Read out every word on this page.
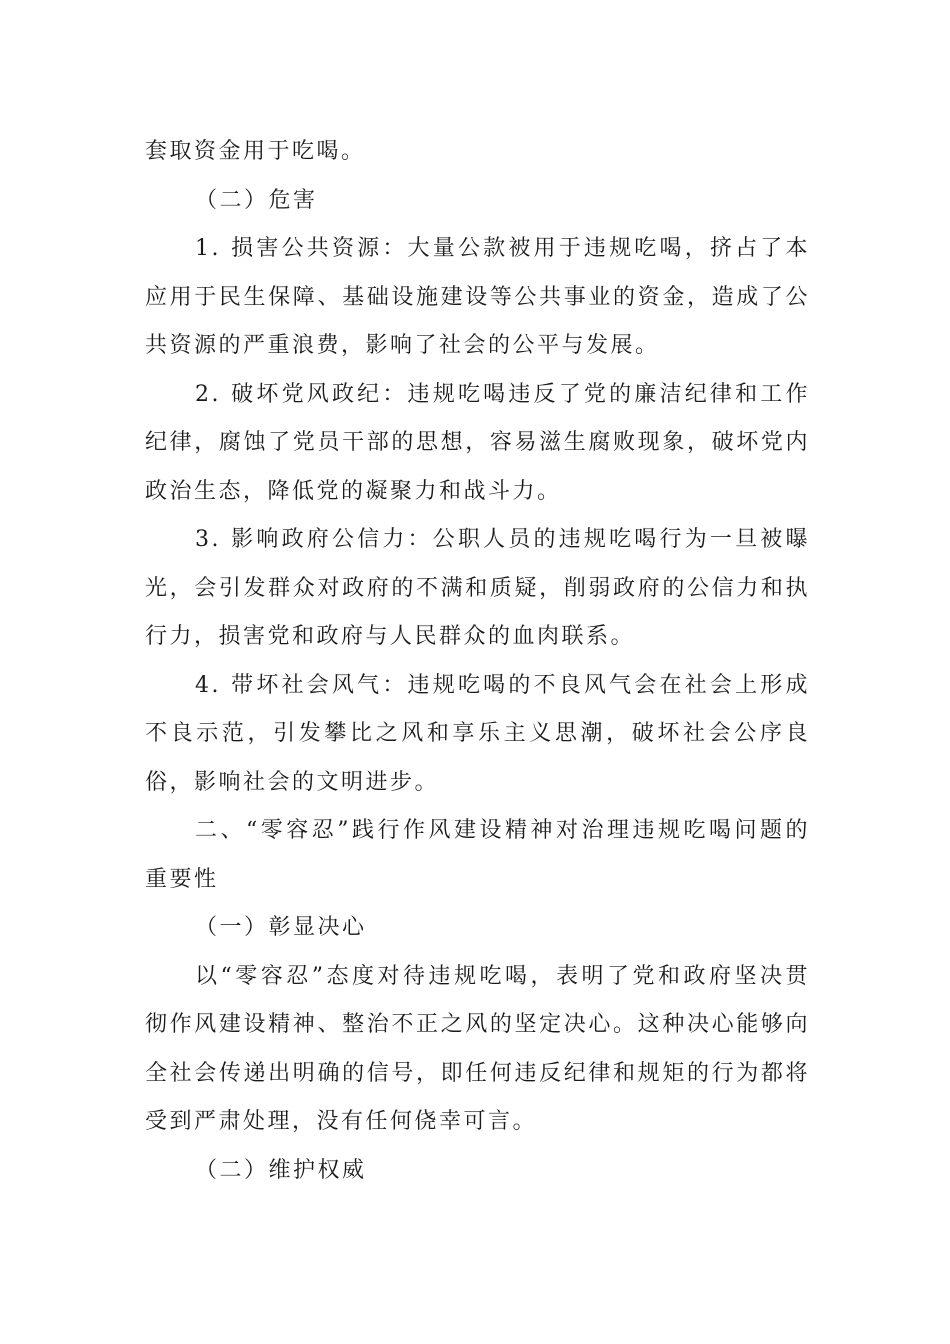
套取资金用于吃喝。

（二）危害

1. 损害公共资源：大量公款被用于违规吃喝，挤占了本应用于民生保障、基础设施建设等公共事业的资金，造成了公共资源的严重浪费，影响了社会的公平与发展。

2. 破坏党风政纪：违规吃喝违反了党的廉洁纪律和工作纪律，腐蚀了党员干部的思想，容易滋生腐败现象，破坏党内政治生态，降低党的凝聚力和战斗力。

3. 影响政府公信力：公职人员的违规吃喝行为一旦被曝光，会引发群众对政府的不满和质疑，削弱政府的公信力和执行力，损害党和政府与人民群众的血肉联系。

4. 带坏社会风气：违规吃喝的不良风气会在社会上形成不良示范，引发攀比之风和享乐主义思潮，破坏社会公序良俗，影响社会的文明进步。

二、“零容忍”践行作风建设精神对治理违规吃喝问题的重要性

（一）彰显决心

以“零容忍”态度对待违规吃喝，表明了党和政府坚决贯彻作风建设精神、整治不正之风的坚定决心。这种决心能够向全社会传递出明确的信号，即任何违反纪律和规矩的行为都将受到严肃处理，没有任何侥幸可言。

（二）维护权威
